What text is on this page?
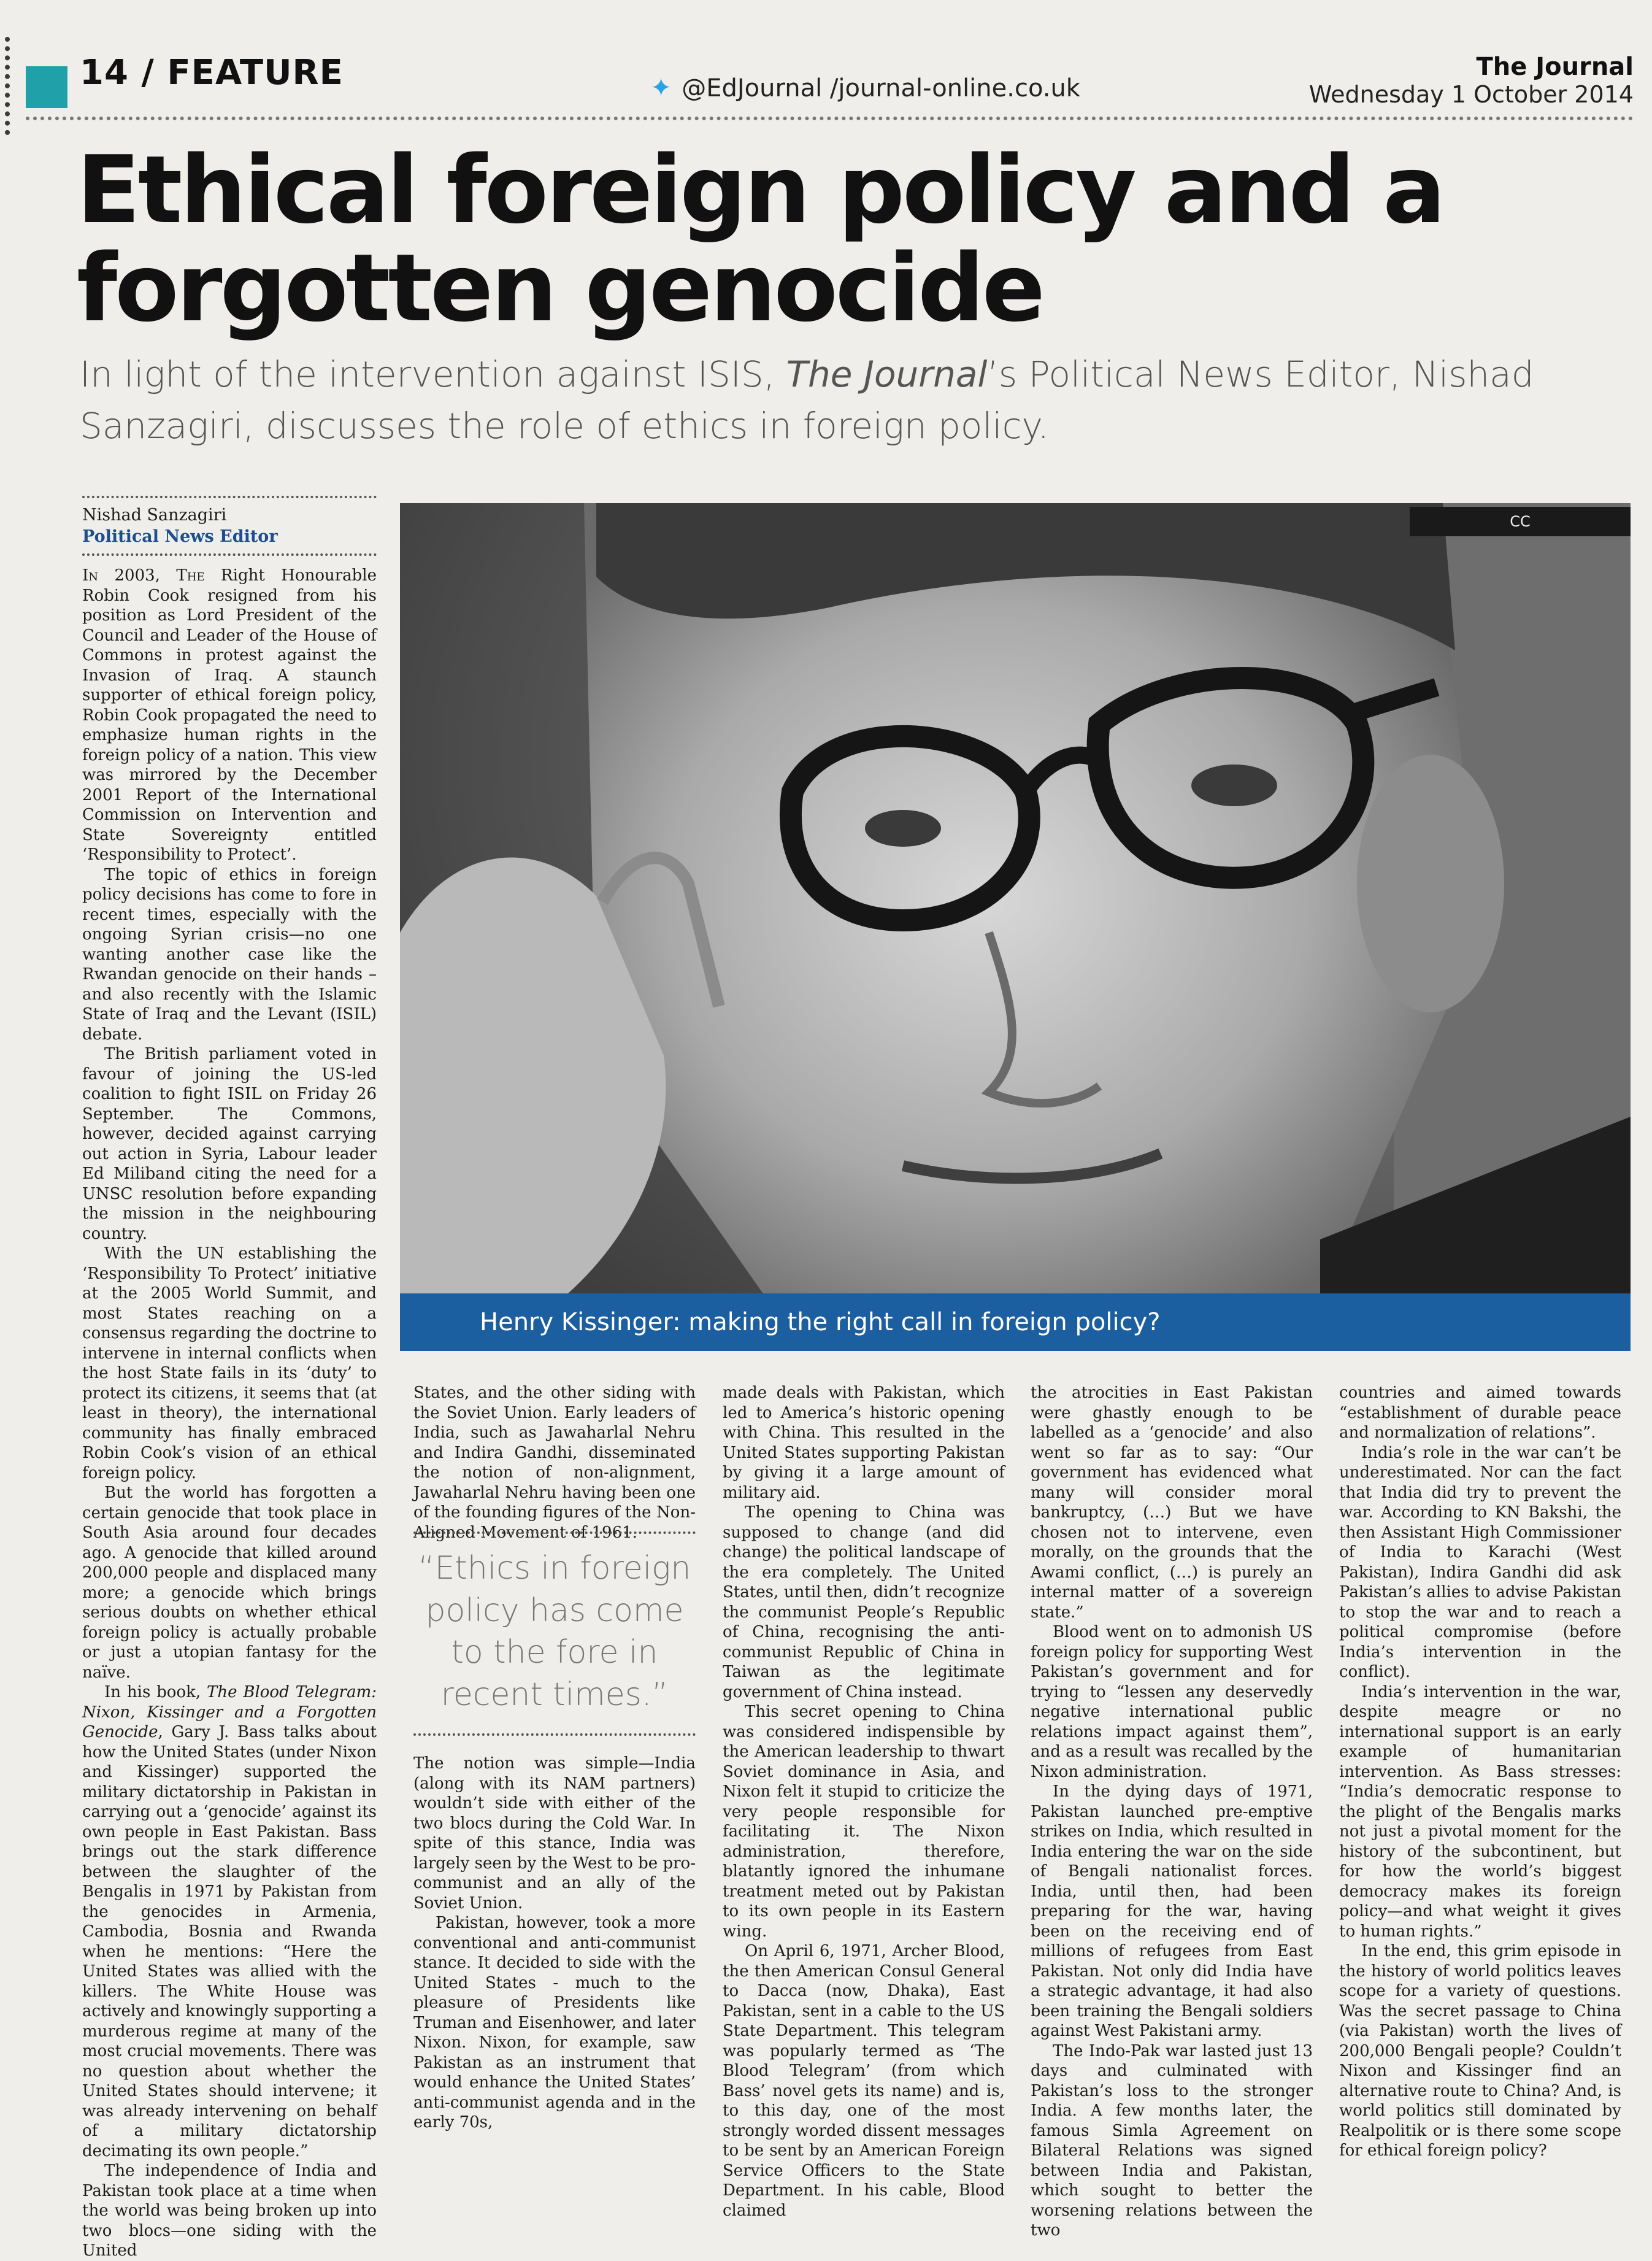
14 / FEATURE	✦ @EdJournal /journal-online.co.uk
The Journal
Wednesday 1 October 2014
Ethical foreign policy and a forgotten genocide

In light of the intervention against ISIS, The Journal’s Political News Editor, Nishad Sanzagiri, discusses the role of ethics in foreign policy.

Nishad Sanzagiri
Political News Editor
CC
Henry Kissinger: making the right call in foreign policy?

In 2003, The Right Honourable Robin Cook resigned from his position as Lord President of the Council and Leader of the House of Commons in protest against the Invasion of Iraq. A staunch supporter of ethical foreign policy, Robin Cook propagated the need to emphasize human rights in the foreign policy of a nation. This view was mirrored by the December 2001 Report of the International Commission on Intervention and State Sovereignty entitled ‘Responsibility to Protect’.

The topic of ethics in foreign policy decisions has come to fore in recent times, especially with the ongoing Syrian crisis—no one wanting another case like the Rwandan genocide on their hands – and also recently with the Islamic State of Iraq and the Levant (ISIL) debate.

The British parliament voted in favour of joining the US-led coalition to fight ISIL on Friday 26 September. The Commons, however, decided against carrying out action in Syria, Labour leader Ed Miliband citing the need for a UNSC resolution before expanding the mission in the neighbouring country.

With the UN establishing the ‘Responsibility To Protect’ initiative at the 2005 World Summit, and most States reaching on a consensus regarding the doctrine to intervene in internal conflicts when the host State fails in its ‘duty’ to protect its citizens, it seems that (at least in theory), the international community has finally embraced Robin Cook’s vision of an ethical foreign policy.

But the world has forgotten a certain genocide that took place in South Asia around four decades ago. A genocide that killed around 200,000 people and displaced many more; a genocide which brings serious doubts on whether ethical foreign policy is actually probable or just a utopian fantasy for the naïve.

In his book, The Blood Telegram: Nixon, Kissinger and a Forgotten Genocide, Gary J. Bass talks about how the United States (under Nixon and Kissinger) supported the military dictatorship in Pakistan in carrying out a ‘genocide’ against its own people in East Pakistan. Bass brings out the stark difference between the slaughter of the Bengalis in 1971 by Pakistan from the genocides in Armenia, Cambodia, Bosnia and Rwanda when he mentions: “Here the United States was allied with the killers. The White House was actively and knowingly supporting a murderous regime at many of the most crucial movements. There was no question about whether the United States should intervene; it was already intervening on behalf of a military dictatorship decimating its own people.”

The independence of India and Pakistan took place at a time when the world was being broken up into two blocs—one siding with the United

States, and the other siding with the Soviet Union. Early leaders of India, such as Jawaharlal Nehru and Indira Gandhi, disseminated the notion of non-alignment, Jawaharlal Nehru having been one of the founding figures of the Non-Aligned Movement of 1961.

“Ethics in foreign policy has come to the fore in recent times.”

The notion was simple—India (along with its NAM partners) wouldn’t side with either of the two blocs during the Cold War. In spite of this stance, India was largely seen by the West to be pro-communist and an ally of the Soviet Union.

Pakistan, however, took a more conventional and anti-communist stance. It decided to side with the United States - much to the pleasure of Presidents like Truman and Eisenhower, and later Nixon. Nixon, for example, saw Pakistan as an instrument that would enhance the United States’ anti-communist agenda and in the early 70s,

made deals with Pakistan, which led to America’s historic opening with China. This resulted in the United States supporting Pakistan by giving it a large amount of military aid.

The opening to China was supposed to change (and did change) the political landscape of the era completely. The United States, until then, didn’t recognize the communist People’s Republic of China, recognising the anti-communist Republic of China in Taiwan as the legitimate government of China instead.

This secret opening to China was considered indispensible by the American leadership to thwart Soviet dominance in Asia, and Nixon felt it stupid to criticize the very people responsible for facilitating it. The Nixon administration, therefore, blatantly ignored the inhumane treatment meted out by Pakistan to its own people in its Eastern wing.

On April 6, 1971, Archer Blood, the then American Consul General to Dacca (now, Dhaka), East Pakistan, sent in a cable to the US State Department. This telegram was popularly termed as ‘The Blood Telegram’ (from which Bass’ novel gets its name) and is, to this day, one of the most strongly worded dissent messages to be sent by an American Foreign Service Officers to the State Department. In his cable, Blood claimed

the atrocities in East Pakistan were ghastly enough to be labelled as a ‘genocide’ and also went so far as to say: “Our government has evidenced what many will consider moral bankruptcy, (…) But we have chosen not to intervene, even morally, on the grounds that the Awami conflict, (…) is purely an internal matter of a sovereign state.”

Blood went on to admonish US foreign policy for supporting West Pakistan’s government and for trying to “lessen any deservedly negative international public relations impact against them”, and as a result was recalled by the Nixon administration.

In the dying days of 1971, Pakistan launched pre-emptive strikes on India, which resulted in India entering the war on the side of Bengali nationalist forces. India, until then, had been preparing for the war, having been on the receiving end of millions of refugees from East Pakistan. Not only did India have a strategic advantage, it had also been training the Bengali soldiers against West Pakistani army.

The Indo-Pak war lasted just 13 days and culminated with Pakistan’s loss to the stronger India. A few months later, the famous Simla Agreement on Bilateral Relations was signed between India and Pakistan, which sought to better the worsening relations between the two

countries and aimed towards “establishment of durable peace and normalization of relations”.

India’s role in the war can’t be underestimated. Nor can the fact that India did try to prevent the war. According to KN Bakshi, the then Assistant High Commissioner of India to Karachi (West Pakistan), Indira Gandhi did ask Pakistan’s allies to advise Pakistan to stop the war and to reach a political compromise (before India’s intervention in the conflict).

India’s intervention in the war, despite meagre or no international support is an early example of humanitarian intervention. As Bass stresses: “India’s democratic response to the plight of the Bengalis marks not just a pivotal moment for the history of the subcontinent, but for how the world’s biggest democracy makes its foreign policy—and what weight it gives to human rights.”

In the end, this grim episode in the history of world politics leaves scope for a variety of questions. Was the secret passage to China (via Pakistan) worth the lives of 200,000 Bengali people? Couldn’t Nixon and Kissinger find an alternative route to China? And, is world politics still dominated by Realpolitik or is there some scope for ethical foreign policy?
